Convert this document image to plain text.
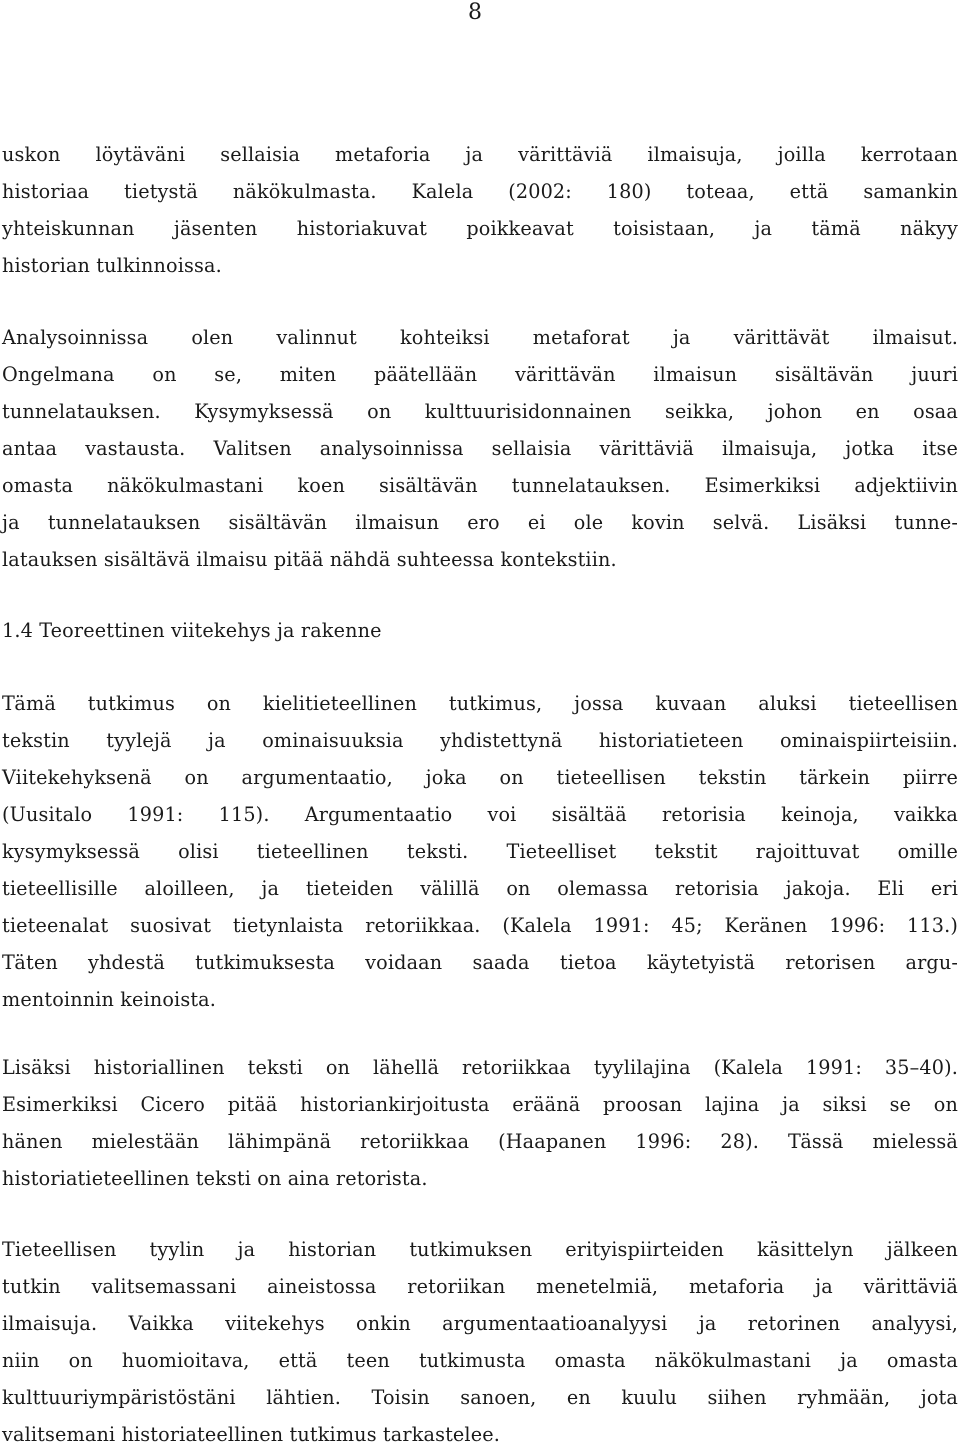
8

uskon löytäväni sellaisia metaforia ja värittäviä ilmaisuja, joilla kerrotaan
historiaa tietystä näkökulmasta. Kalela (2002: 180) toteaa, että samankin
yhteiskunnan jäsenten historiakuvat poikkeavat toisistaan, ja tämä näkyy
historian tulkinnoissa.

Analysoinnissa olen valinnut kohteiksi metaforat ja värittävät ilmaisut.
Ongelmana on se, miten päätellään värittävän ilmaisun sisältävän juuri
tunnelatauksen. Kysymyksessä on kulttuurisidonnainen seikka, johon en osaa
antaa vastausta. Valitsen analysoinnissa sellaisia värittäviä ilmaisuja, jotka itse
omasta näkökulmastani koen sisältävän tunnelatauksen. Esimerkiksi adjektiivin
ja tunnelatauksen sisältävän ilmaisun ero ei ole kovin selvä. Lisäksi tunne-
latauksen sisältävä ilmaisu pitää nähdä suhteessa kontekstiin.

1.4 Teoreettinen viitekehys ja rakenne

Tämä tutkimus on kielitieteellinen tutkimus, jossa kuvaan aluksi tieteellisen
tekstin tyylejä ja ominaisuuksia yhdistettynä historiatieteen ominaispiirteisiin.
Viitekehyksenä on argumentaatio, joka on tieteellisen tekstin tärkein piirre
(Uusitalo 1991: 115). Argumentaatio voi sisältää retorisia keinoja, vaikka
kysymyksessä olisi tieteellinen teksti. Tieteelliset tekstit rajoittuvat omille
tieteellisille aloilleen, ja tieteiden välillä on olemassa retorisia jakoja. Eli eri
tieteenalat suosivat tietynlaista retoriikkaa. (Kalela 1991: 45; Keränen 1996: 113.)
Täten yhdestä tutkimuksesta voidaan saada tietoa käytetyistä retorisen argu-
mentoinnin keinoista.

Lisäksi historiallinen teksti on lähellä retoriikkaa tyylilajina (Kalela 1991: 35–40).
Esimerkiksi Cicero pitää historiankirjoitusta eräänä proosan lajina ja siksi se on
hänen mielestään lähimpänä retoriikkaa (Haapanen 1996: 28). Tässä mielessä
historiatieteellinen teksti on aina retorista.

Tieteellisen tyylin ja historian tutkimuksen erityispiirteiden käsittelyn jälkeen
tutkin valitsemassani aineistossa retoriikan menetelmiä, metaforia ja värittäviä
ilmaisuja. Vaikka viitekehys onkin argumentaatioanalyysi ja retorinen analyysi,
niin on huomioitava, että teen tutkimusta omasta näkökulmastani ja omasta
kulttuuriympäristöstäni lähtien. Toisin sanoen, en kuulu siihen ryhmään, jota
valitsemani historiateellinen tutkimus tarkastelee.
